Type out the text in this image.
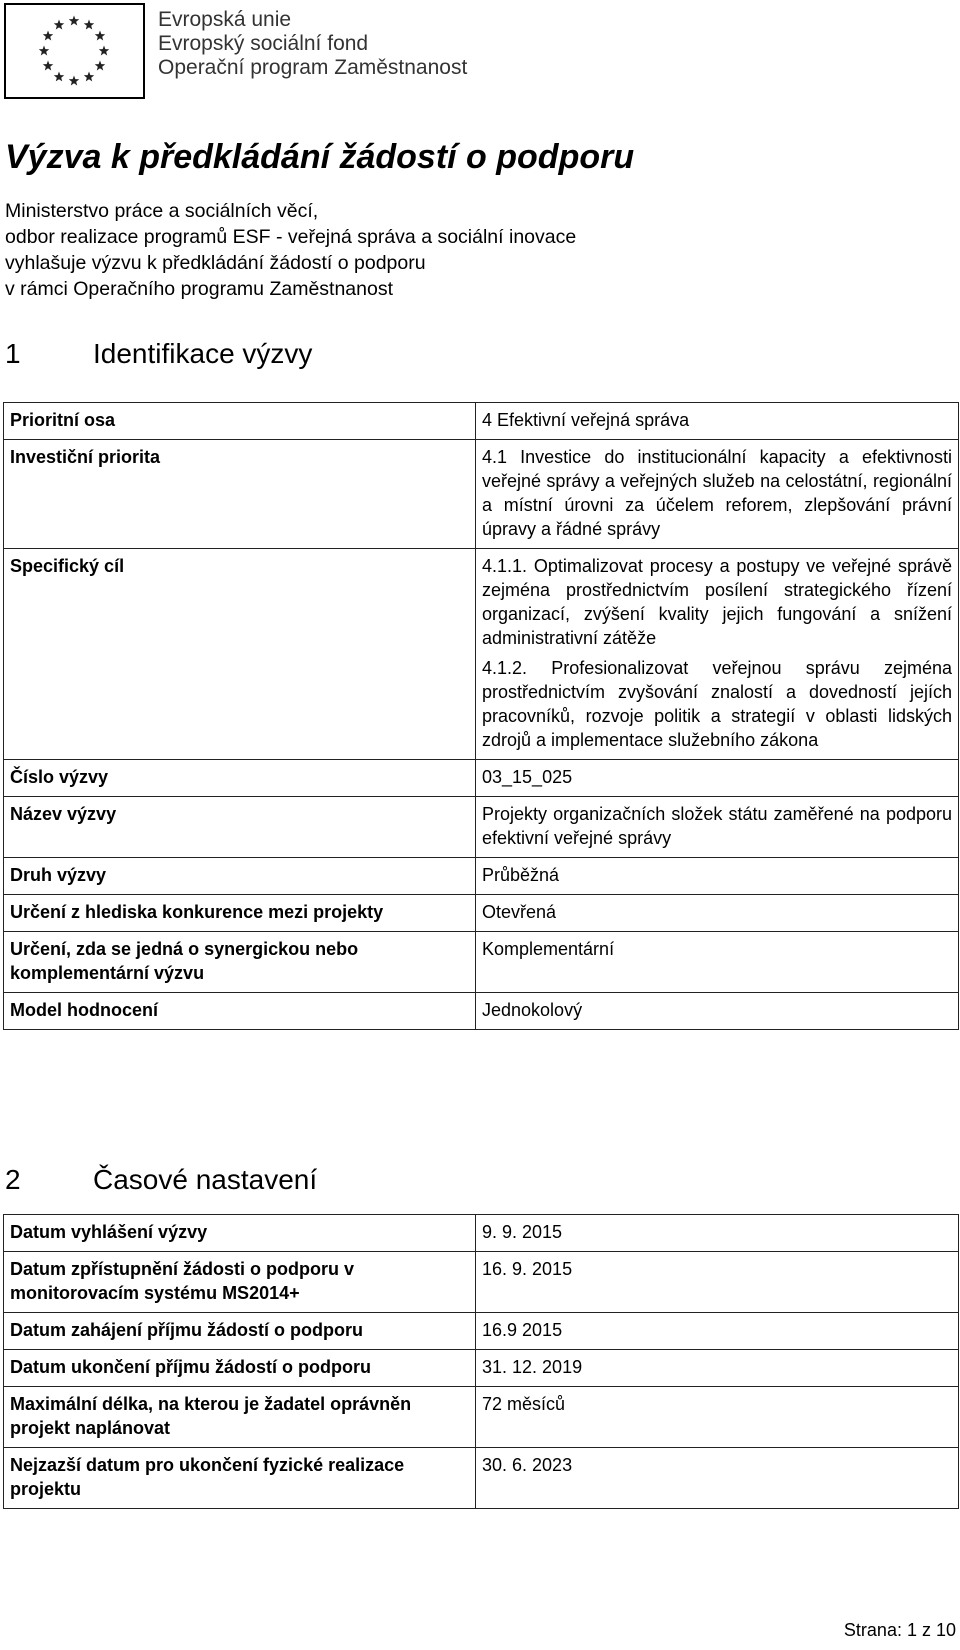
Evropská unie
Evropský sociální fond
Operační program Zaměstnanost
Výzva k předkládání žádostí o podporu
Ministerstvo práce a sociálních věcí,
odbor realizace programů ESF - veřejná správa a sociální inovace
vyhlašuje výzvu k předkládání žádostí o podporu
v rámci Operačního programu Zaměstnanost
1	Identifikace výzvy
Prioritní osa	4 Efektivní veřejná správa
Investiční priorita	4.1 Investice do institucionální kapacity a efektivnosti veřejné správy a veřejných služeb na celostátní, regionální a místní úrovni za účelem reforem, zlepšování právní úpravy a řádné správy
Specifický cíl	4.1.1. Optimalizovat procesy a postupy ve veřejné správě zejména prostřednictvím posílení strategického řízení organizací, zvýšení kvality jejich fungování a snížení administrativní zátěže
4.1.2. Profesionalizovat veřejnou správu zejména prostřednictvím zvyšování znalostí a dovedností jejích pracovníků, rozvoje politik a strategií v oblasti lidských zdrojů a implementace služebního zákona

Číslo výzvy	03_15_025
Název výzvy	Projekty organizačních složek státu zaměřené na podporu efektivní veřejné správy
Druh výzvy	Průběžná
Určení z hlediska konkurence mezi projekty	Otevřená
Určení, zda se jedná o synergickou nebo komplementární výzvu	Komplementární
Model hodnocení	Jednokolový
2	Časové nastavení
Datum vyhlášení výzvy	9. 9. 2015
Datum zpřístupnění žádosti o podporu v monitorovacím systému MS2014+	16. 9. 2015
Datum zahájení příjmu žádostí o podporu	16.9 2015
Datum ukončení příjmu žádostí o podporu	31. 12. 2019
Maximální délka, na kterou je žadatel oprávněn projekt naplánovat	72 měsíců
Nejzazší datum pro ukončení fyzické realizace projektu	30. 6. 2023
Strana: 1 z 10
